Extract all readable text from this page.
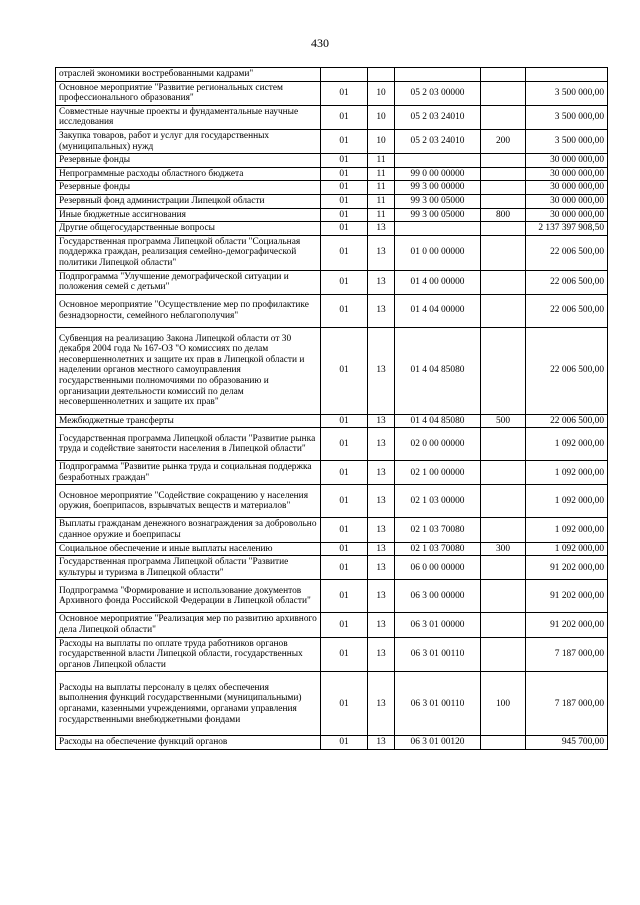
430
отраслей экономики востребованными кадрами"					
Основное мероприятие "Развитие региональных систем профессионального образования"	01	10	05 2 03 00000		3 500 000,00
Совместные научные проекты и фундаментальные научные исследования	01	10	05 2 03 24010		3 500 000,00
Закупка товаров, работ и услуг для государственных (муниципальных) нужд	01	10	05 2 03 24010	200	3 500 000,00
Резервные фонды	01	11			30 000 000,00
Непрограммные расходы областного бюджета	01	11	99 0 00 00000		30 000 000,00
Резервные фонды	01	11	99 3 00 00000		30 000 000,00
Резервный фонд администрации Липецкой области	01	11	99 3 00 05000		30 000 000,00
Иные бюджетные ассигнования	01	11	99 3 00 05000	800	30 000 000,00
Другие общегосударственные вопросы	01	13			2 137 397 908,50
Государственная программа Липецкой области "Социальная поддержка граждан, реализация семейно-демографической политики Липецкой области"	01	13	01 0 00 00000		22 006 500,00
Подпрограмма "Улучшение демографической ситуации и положения семей с детьми"	01	13	01 4 00 00000		22 006 500,00
Основное мероприятие "Осуществление мер по профилактике безнадзорности, семейного неблагополучия"	01	13	01 4 04 00000		22 006 500,00
Субвенция на реализацию Закона Липецкой области от 30 декабря 2004 года № 167-ОЗ "О комиссиях по делам несовершеннолетних и защите их прав в Липецкой области и наделении органов местного самоуправления государственными полномочиями по образованию и организации деятельности комиссий по делам несовершеннолетних и защите их прав"	01	13	01 4 04 85080		22 006 500,00
Межбюджетные трансферты	01	13	01 4 04 85080	500	22 006 500,00
Государственная программа Липецкой области "Развитие рынка труда и содействие занятости населения в Липецкой области"	01	13	02 0 00 00000		1 092 000,00
Подпрограмма "Развитие рынка труда и социальная поддержка безработных граждан"	01	13	02 1 00 00000		1 092 000,00
Основное мероприятие "Содействие сокращению у населения оружия, боеприпасов, взрывчатых веществ и материалов"	01	13	02 1 03 00000		1 092 000,00
Выплаты гражданам денежного вознаграждения за добровольно сданное оружие и боеприпасы	01	13	02 1 03 70080		1 092 000,00
Социальное обеспечение и иные выплаты населению	01	13	02 1 03 70080	300	1 092 000,00
Государственная программа Липецкой области "Развитие культуры и туризма в Липецкой области"	01	13	06 0 00 00000		91 202 000,00
Подпрограмма "Формирование и использование документов Архивного фонда Российской Федерации в Липецкой области"	01	13	06 3 00 00000		91 202 000,00
Основное мероприятие "Реализация мер по развитию архивного дела Липецкой области"	01	13	06 3 01 00000		91 202 000,00
Расходы на выплаты по оплате труда работников органов государственной власти Липецкой области, государственных органов Липецкой области	01	13	06 3 01 00110		7 187 000,00
Расходы на выплаты персоналу в целях обеспечения выполнения функций государственными (муниципальными) органами, казенными учреждениями, органами управления государственными внебюджетными фондами	01	13	06 3 01 00110	100	7 187 000,00
Расходы на обеспечение функций органов	01	13	06 3 01 00120		945 700,00
